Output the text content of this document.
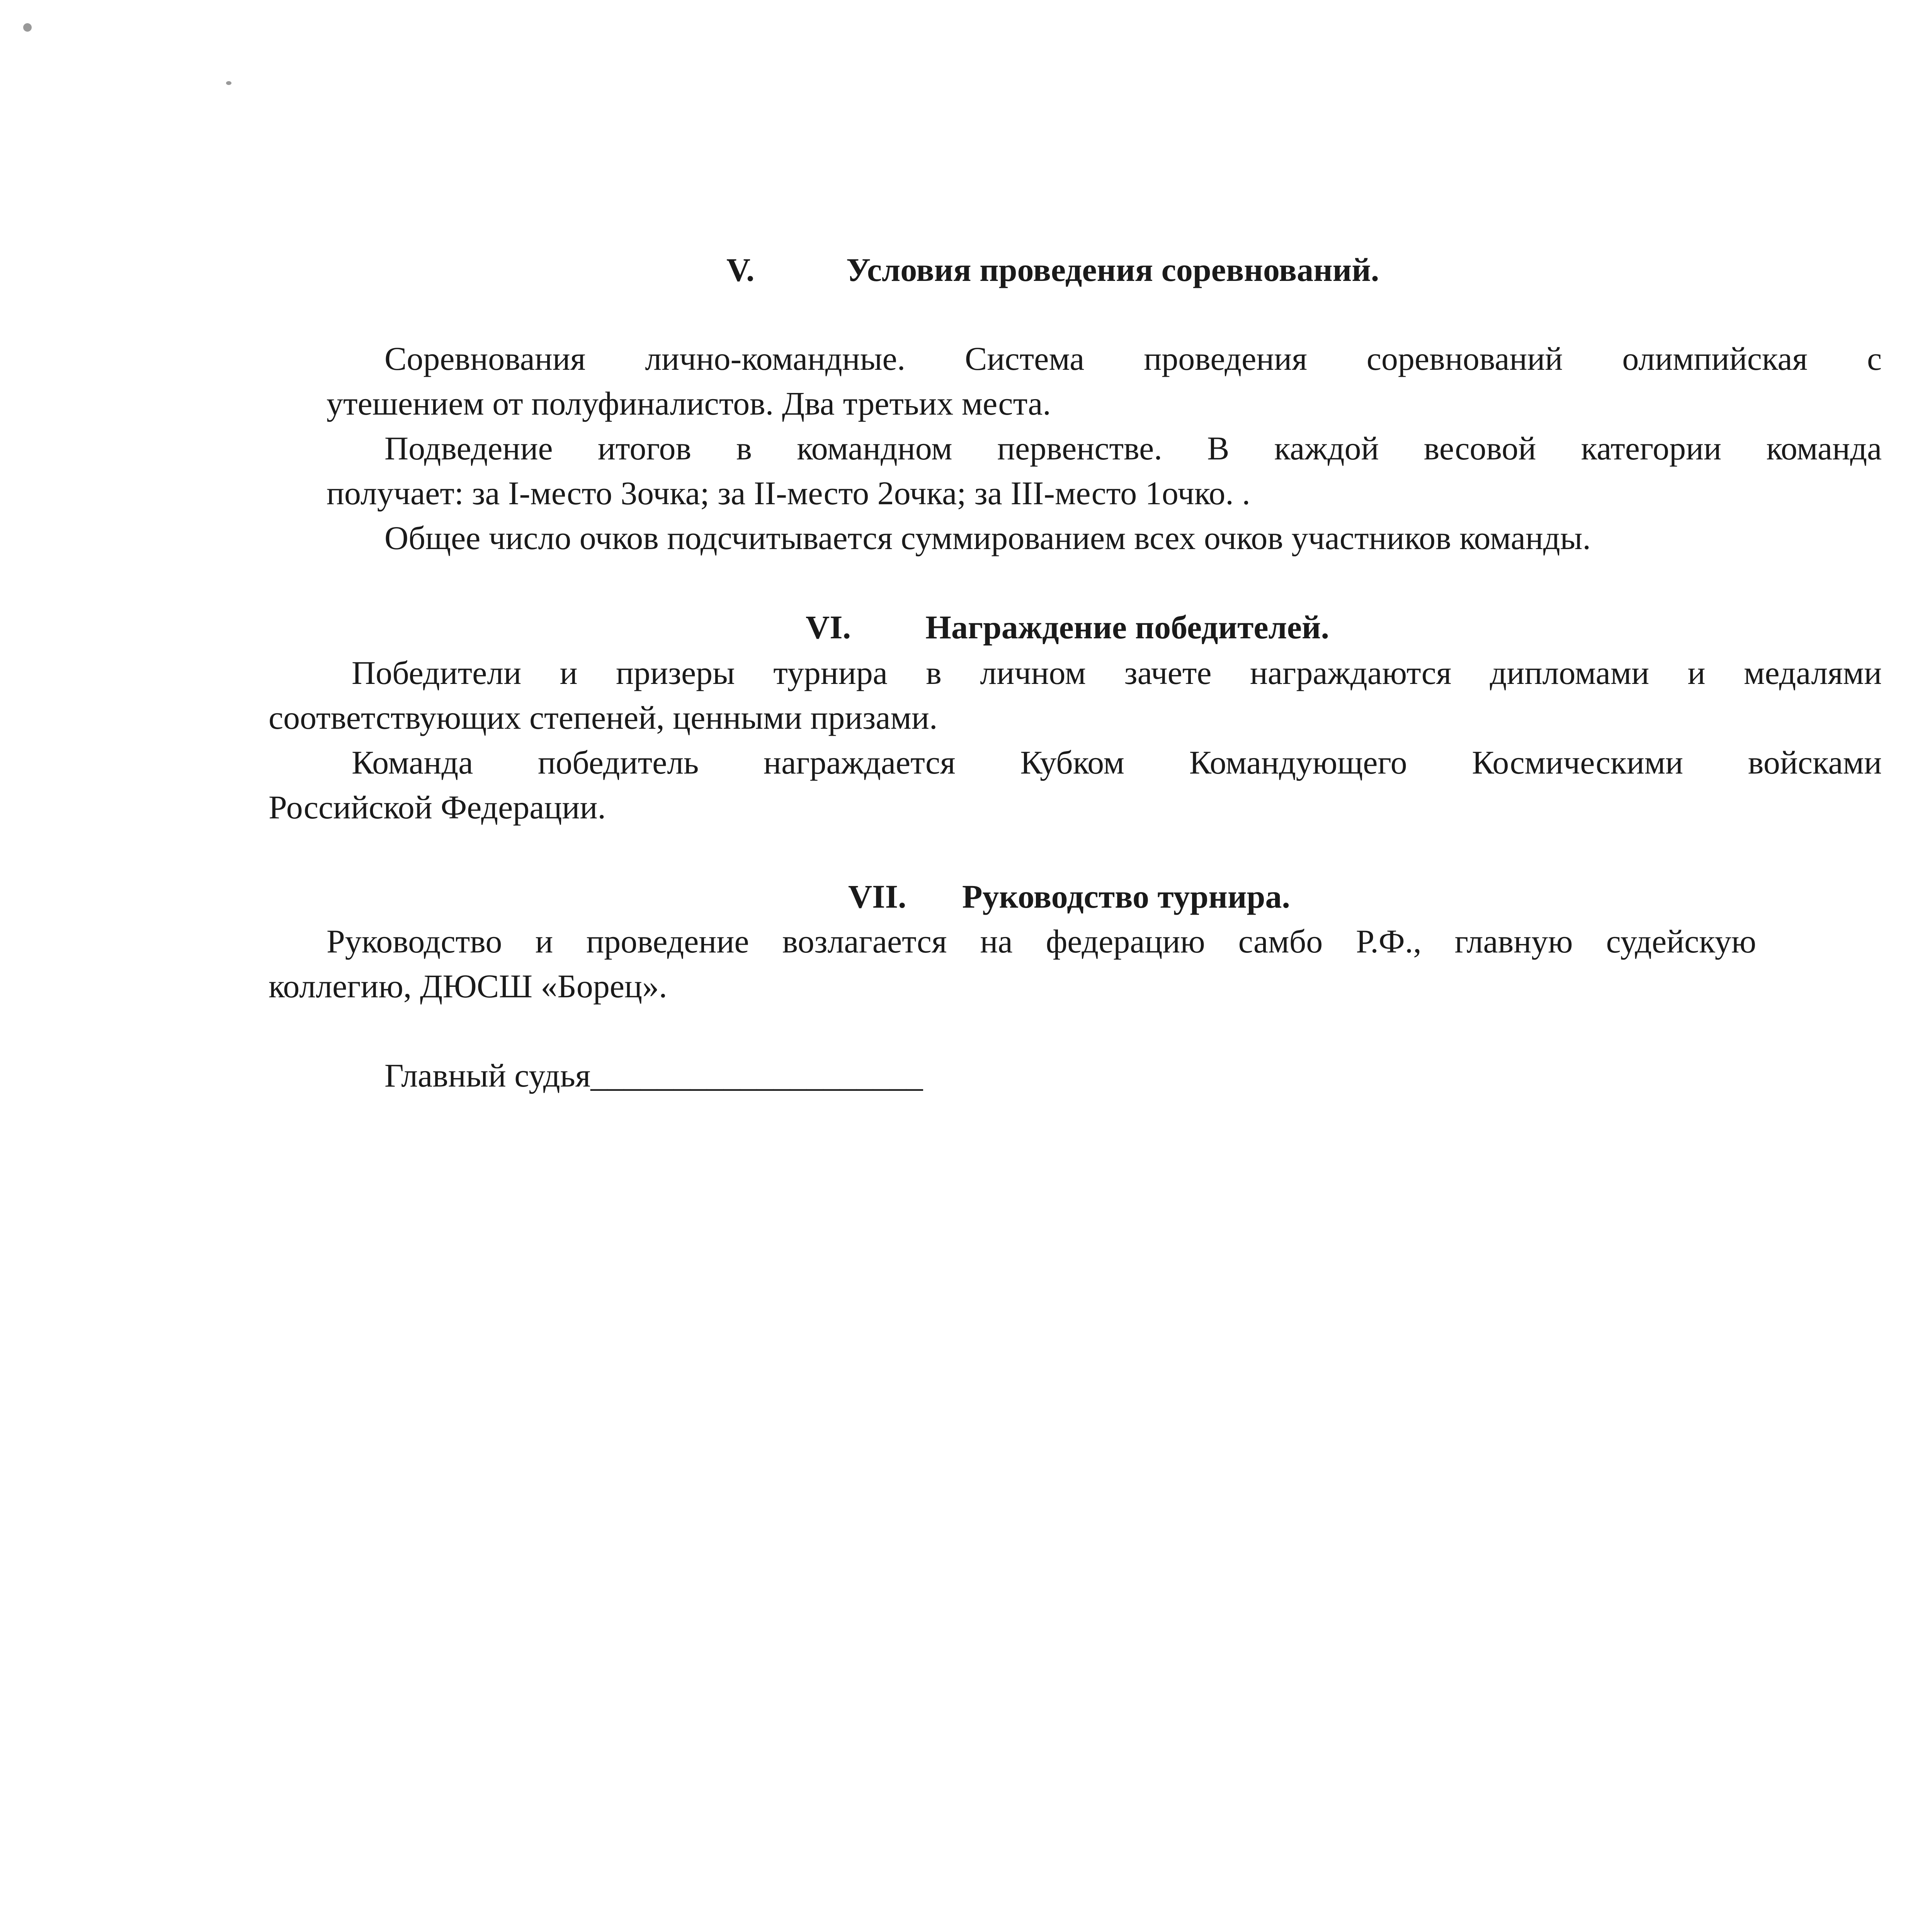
V.	Условия проведения соревнований.
Соревнования лично-командные. Система проведения соревнований олимпийская с
утешением от полуфиналистов. Два третьих места.
Подведение итогов в командном первенстве. В каждой весовой категории команда
получает: за I-место 3очка; за II-место 2очка; за III-место 1очко. .
Общее число очков подсчитывается суммированием всех очков участников команды.
VI. Награждение победителей.
Победители и призеры турнира в личном зачете награждаются дипломами и медалями
соответствующих степеней, ценными призами.
Команда победитель награждается Кубком Командующего Космическими войсками
Российской Федерации.
VII. Руководство турнира.
Руководство и проведение возлагается на федерацию самбо Р.Ф., главную судейскую
коллегию, ДЮСШ «Борец».
Главный судья____________________
